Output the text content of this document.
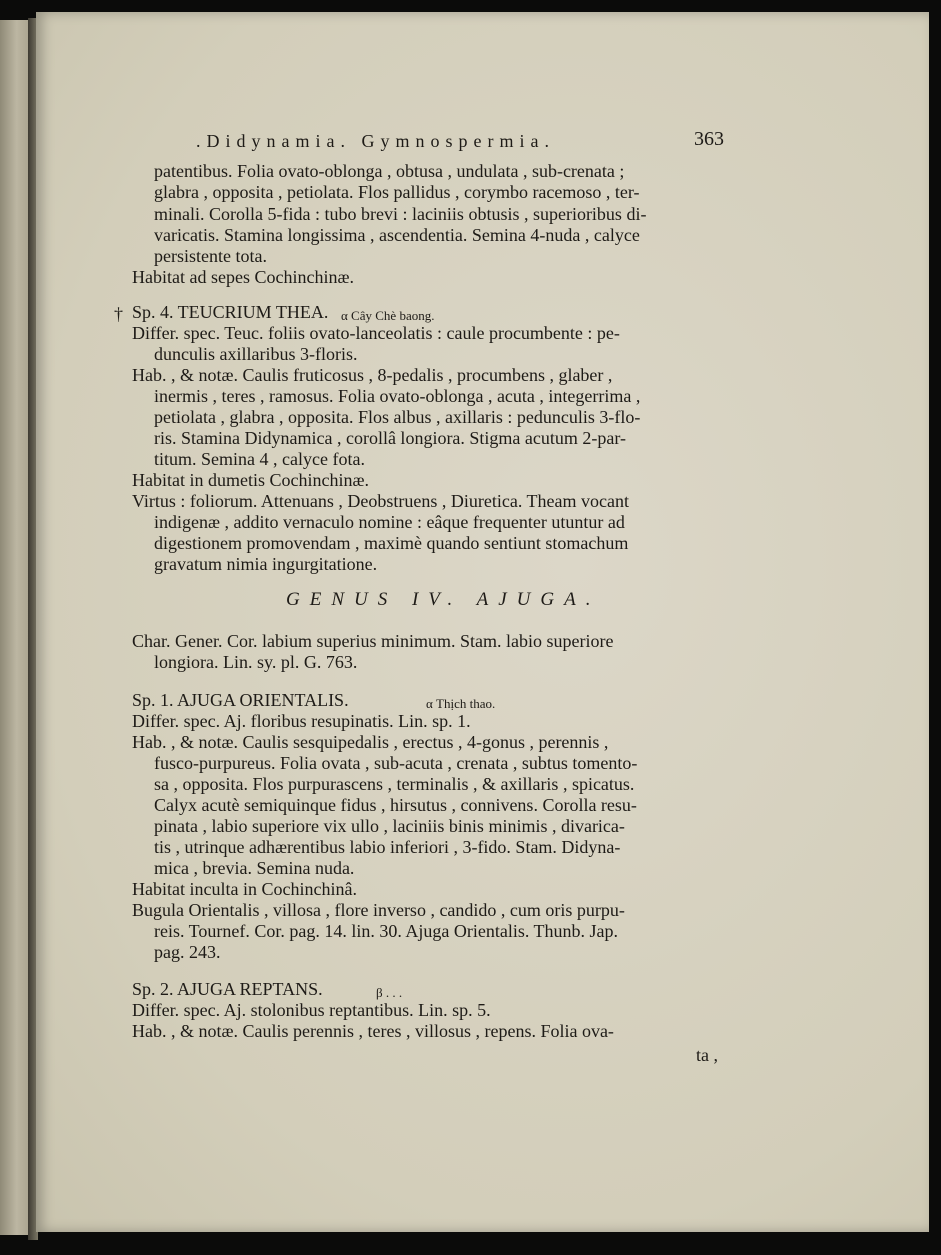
.Didynamia. Gymnospermia.	363
patentibus. Folia ovato-oblonga , obtusa , undulata , sub-crenata ;
glabra , opposita , petiolata. Flos pallidus , corymbo racemoso , ter-
minali. Corolla 5-fida : tubo brevi : laciniis obtusis , superioribus di-
varicatis. Stamina longissima , ascendentia. Semina 4-nuda , calyce
persistente tota.
Habitat ad sepes Cochinchinæ.
† Sp. 4. TEUCRIUM THEA. α Cây Chè baong.
Differ. spec. Teuc. foliis ovato-lanceolatis : caule procumbente : pe-
dunculis axillaribus 3-floris.
Hab. , & notæ. Caulis fruticosus , 8-pedalis , procumbens , glaber ,
inermis , teres , ramosus. Folia ovato-oblonga , acuta , integerrima ,
petiolata , glabra , opposita. Flos albus , axillaris : pedunculis 3-flo-
ris. Stamina Didynamica , corollâ longiora. Stigma acutum 2-par-
titum. Semina 4 , calyce fota.
Habitat in dumetis Cochinchinæ.
Virtus : foliorum. Attenuans , Deobstruens , Diuretica. Theam vocant
indigenæ , addito vernaculo nomine : eâque frequenter utuntur ad
digestionem promovendam , maximè quando sentiunt stomachum
gravatum nimia ingurgitatione.
GENUS IV. AJUGA.
Char. Gener. Cor. labium superius minimum. Stam. labio superiore
longiora. Lin. sy. pl. G. 763.
Sp. 1. AJUGA ORIENTALIS.	α Thịch thao.
Differ. spec. Aj. floribus resupinatis. Lin. sp. 1.
Hab. , & notæ. Caulis sesquipedalis , erectus , 4-gonus , perennis ,
fusco-purpureus. Folia ovata , sub-acuta , crenata , subtus tomento-
sa , opposita. Flos purpurascens , terminalis , & axillaris , spicatus.
Calyx acutè semiquinque fidus , hirsutus , connivens. Corolla resu-
pinata , labio superiore vix ullo , laciniis binis minimis , divarica-
tis , utrinque adhærentibus labio inferiori , 3-fido. Stam. Didyna-
mica , brevia. Semina nuda.
Habitat inculta in Cochinchinâ.
Bugula Orientalis , villosa , flore inverso , candido , cum oris purpu-
reis. Tournef. Cor. pag. 14. lin. 30. Ajuga Orientalis. Thunb. Jap.
pag. 243.
Sp. 2. AJUGA REPTANS.	β . . .
Differ. spec. Aj. stolonibus reptantibus. Lin. sp. 5.
Hab. , & notæ. Caulis perennis , teres , villosus , repens. Folia ova-
ta ,
